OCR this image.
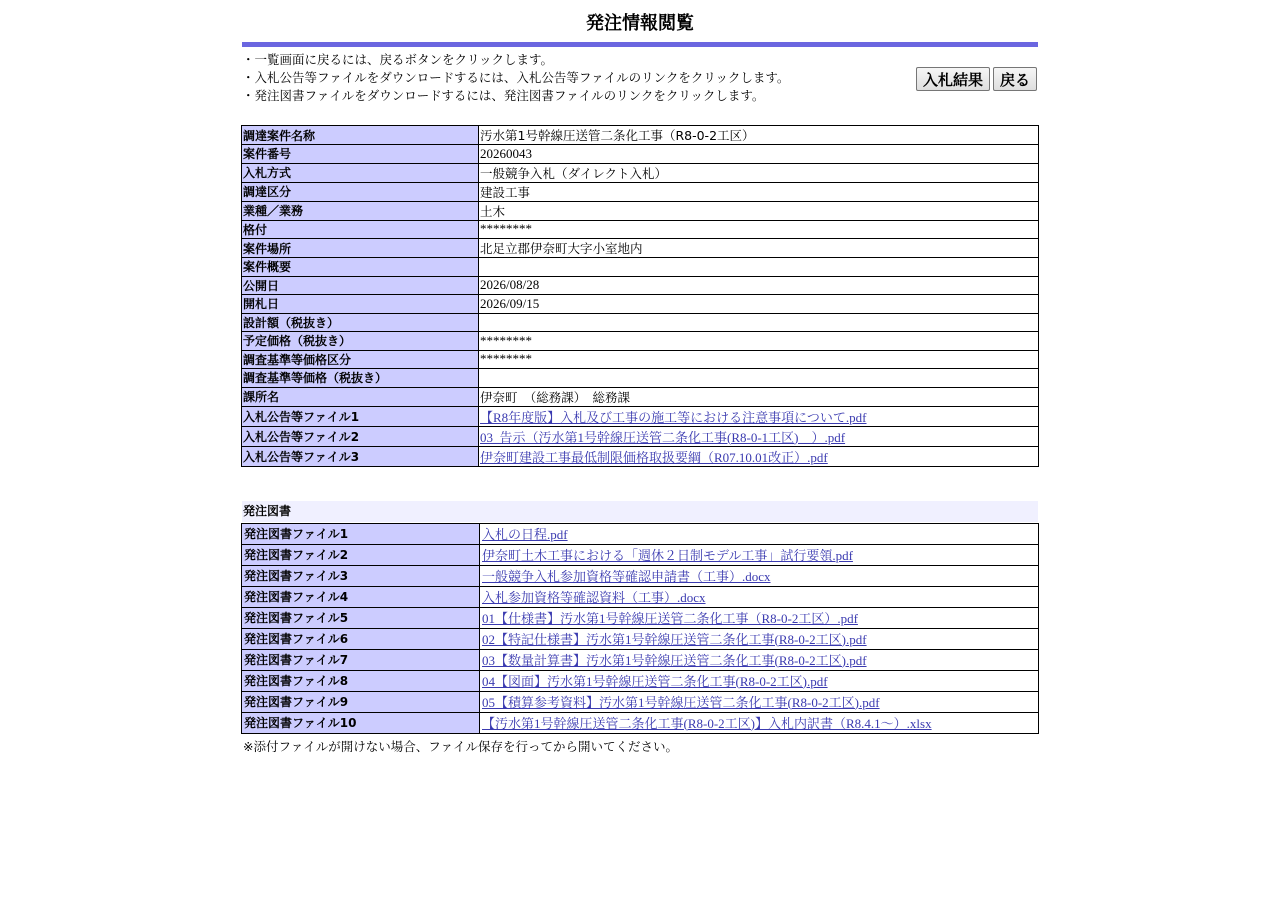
発注情報閲覧
・一覧画面に戻るには、戻るボタンをクリックします。
・入札公告等ファイルをダウンロードするには、入札公告等ファイルのリンクをクリックします。
・発注図書ファイルをダウンロードするには、発注図書ファイルのリンクをクリックします。
入札結果	戻る
調達案件名称	汚水第1号幹線圧送管二条化工事（R8-0-2工区）
案件番号	20260043
入札方式	一般競争入札（ダイレクト入札）
調達区分	建設工事
業種／業務	土木
格付	********
案件場所	北足立郡伊奈町大字小室地内
案件概要	
公開日	2026/08/28
開札日	2026/09/15
設計額（税抜き）	
予定価格（税抜き）	********
調査基準等価格区分	********
調査基準等価格（税抜き）	
課所名	伊奈町　（総務課）　総務課
入札公告等ファイル1	【R8年度版】入札及び工事の施工等における注意事項について.pdf
入札公告等ファイル2	03_告示（汚水第1号幹線圧送管二条化工事(R8-0-1工区)__）.pdf
入札公告等ファイル3	伊奈町建設工事最低制限価格取扱要綱（R07.10.01改正）.pdf
発注図書
発注図書ファイル1	入札の日程.pdf
発注図書ファイル2	伊奈町土木工事における「週休２日制モデル工事」試行要領.pdf
発注図書ファイル3	一般競争入札参加資格等確認申請書（工事）.docx
発注図書ファイル4	入札参加資格等確認資料（工事）.docx
発注図書ファイル5	01【仕様書】汚水第1号幹線圧送管二条化工事（R8-0-2工区）.pdf
発注図書ファイル6	02【特記仕様書】汚水第1号幹線圧送管二条化工事(R8-0-2工区).pdf
発注図書ファイル7	03【数量計算書】汚水第1号幹線圧送管二条化工事(R8-0-2工区).pdf
発注図書ファイル8	04【図面】汚水第1号幹線圧送管二条化工事(R8-0-2工区).pdf
発注図書ファイル9	05【積算参考資料】汚水第1号幹線圧送管二条化工事(R8-0-2工区).pdf
発注図書ファイル10	【汚水第1号幹線圧送管二条化工事(R8-0-2工区)】入札内訳書（R8.4.1～）.xlsx
※添付ファイルが開けない場合、ファイル保存を行ってから開いてください。
